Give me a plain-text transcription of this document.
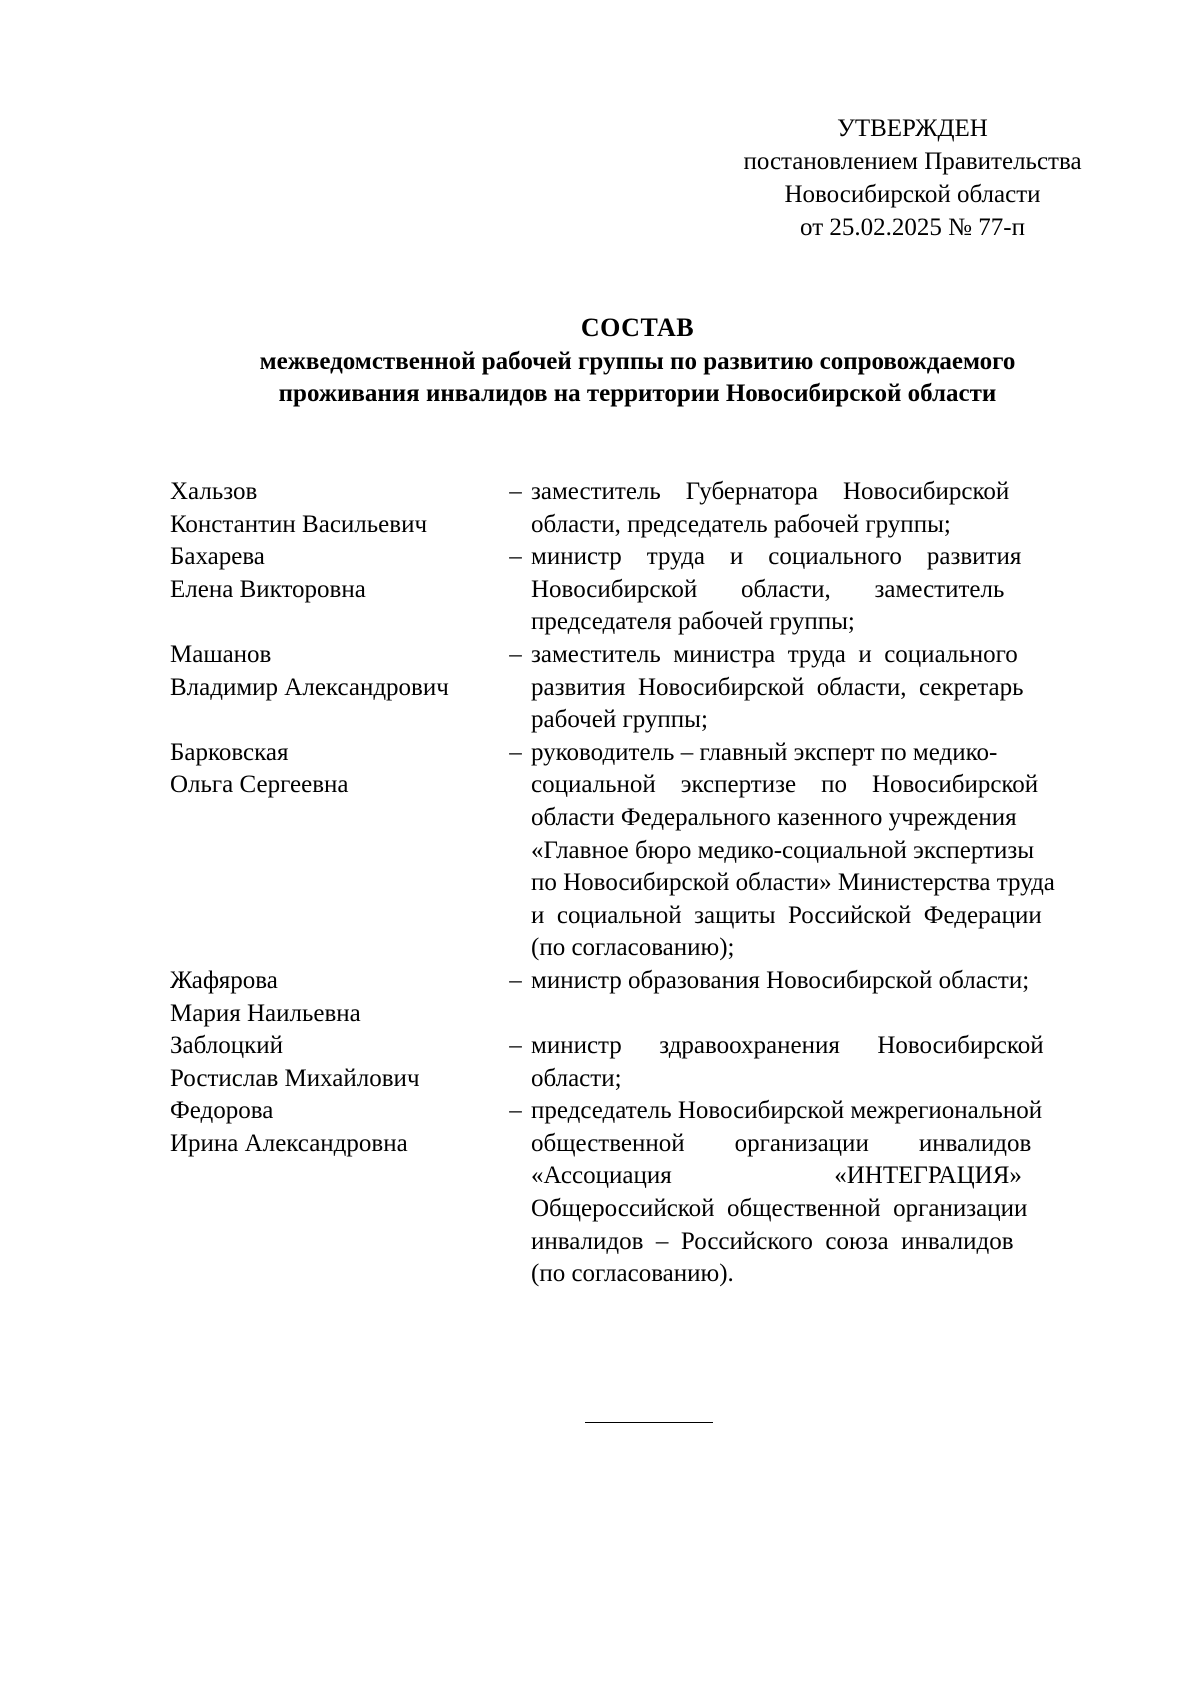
УТВЕРЖДЕН
постановлением Правительства
Новосибирской области
от 25.02.2025 № 77-п
СОСТАВ
межведомственной рабочей группы по развитию сопровождаемого
проживания инвалидов на территории Новосибирской области
Хальзов
Константин Васильевич
– заместитель    Губернатора    Новосибирской
области, председатель рабочей группы;
Бахарева
Елена Викторовна
– министр    труда    и    социального    развития
Новосибирской       области,       заместитель
председателя рабочей группы;
Машанов
Владимир Александрович
– заместитель  министра  труда  и  социального
развития  Новосибирской  области,  секретарь
рабочей группы;
Барковская
Ольга Сергеевна
– руководитель – главный эксперт по медико-
социальной    экспертизе    по    Новосибирской
области Федерального казенного учреждения
«Главное бюро медико-социальной экспертизы
по Новосибирской области» Министерства труда
и  социальной  защиты  Российской  Федерации
(по согласованию);
Жафярова
Мария Наильевна
– министр образования Новосибирской области;
Заблоцкий
Ростислав Михайлович
– министр      здравоохранения      Новосибирской
области;
Федорова
Ирина Александровна
– председатель Новосибирской межрегиональной
общественной        организации        инвалидов
«Ассоциация                          «ИНТЕГРАЦИЯ»
Общероссийской  общественной  организации
инвалидов  –  Российского  союза  инвалидов
(по согласованию).
